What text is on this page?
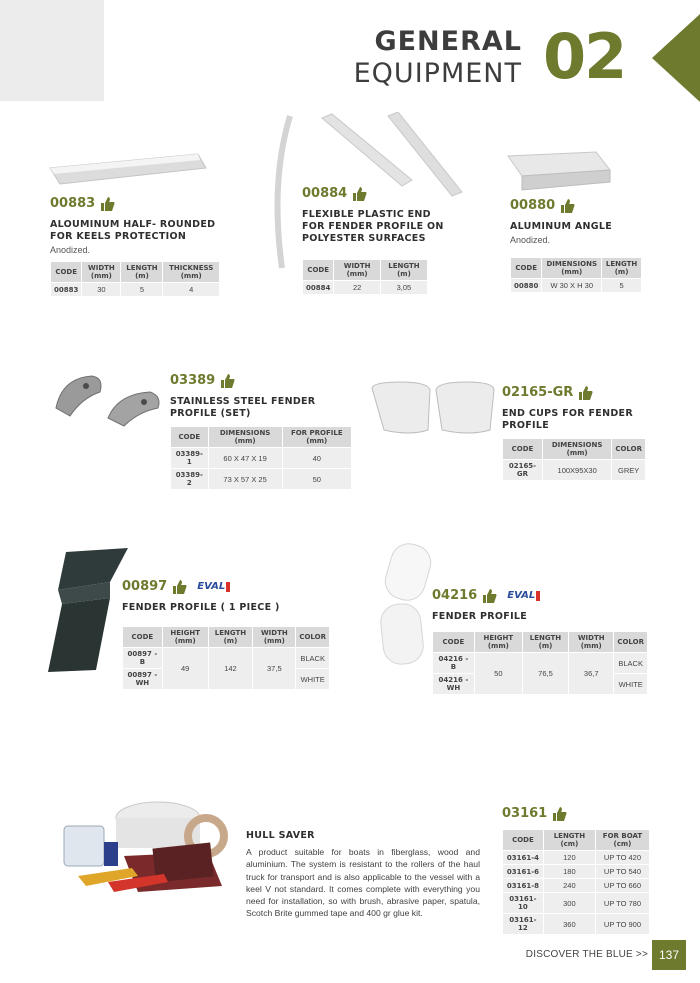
GENERAL
EQUIPMENT 02
00883
ALOUMINUM HALF- ROUNDED
FOR KEELS PROTECTION
Anodized.
CODE	WIDTH (mm)	LENGTH (m)	THICKNESS (mm)
00883	30	5	4
00884
FLEXIBLE PLASTIC END
FOR FENDER PROFILE ON
POLYESTER SURFACES
CODE	WIDTH (mm)	LENGTH (m)
00884	22	3,05
00880
ALUMINUM ANGLE
Anodized.
CODE	DIMENSIONS (mm)	LENGTH (m)
00880	W 30 X H 30	5
03389
STAINLESS STEEL FENDER
PROFILE (SET)
CODE	DIMENSIONS (mm)	FOR PROFILE (mm)
03389-1	60 X 47 X 19	40
03389-2	73 X 57 X 25	50
02165-GR
END CUPS FOR FENDER
PROFILE
CODE	DIMENSIONS (mm)	COLOR
02165-GR	100X95X30	GREY
00897	EVAL
FENDER PROFILE ( 1 PIECE )
CODE	HEIGHT (mm)	LENGTH (m)	WIDTH (mm)	COLOR
00897 - B	49	142	37,5	BLACK
00897 - WH				WHITE
04216	EVAL
FENDER PROFILE
CODE	HEIGHT (mm)	LENGTH (m)	WIDTH (mm)	COLOR
04216 - B	50	76,5	36,7	BLACK
04216 - WH				WHITE
HULL SAVER
A product suitable for boats in fiberglass, wood and aluminium. The system is resistant to the rollers of the haul truck for transport and is also applicable to the vessel with a keel V not standard. It comes complete with everything you need for installation, so with brush, abrasive paper, spatula, Scotch Brite gummed tape and 400 gr glue kit.
03161
CODE	LENGTH (cm)	FOR BOAT (cm)
03161-4	120	UP TO 420
03161-6	180	UP TO 540
03161-8	240	UP TO 660
03161-10	300	UP TO 780
03161-12	360	UP TO 900
DISCOVER THE BLUE >> 137
